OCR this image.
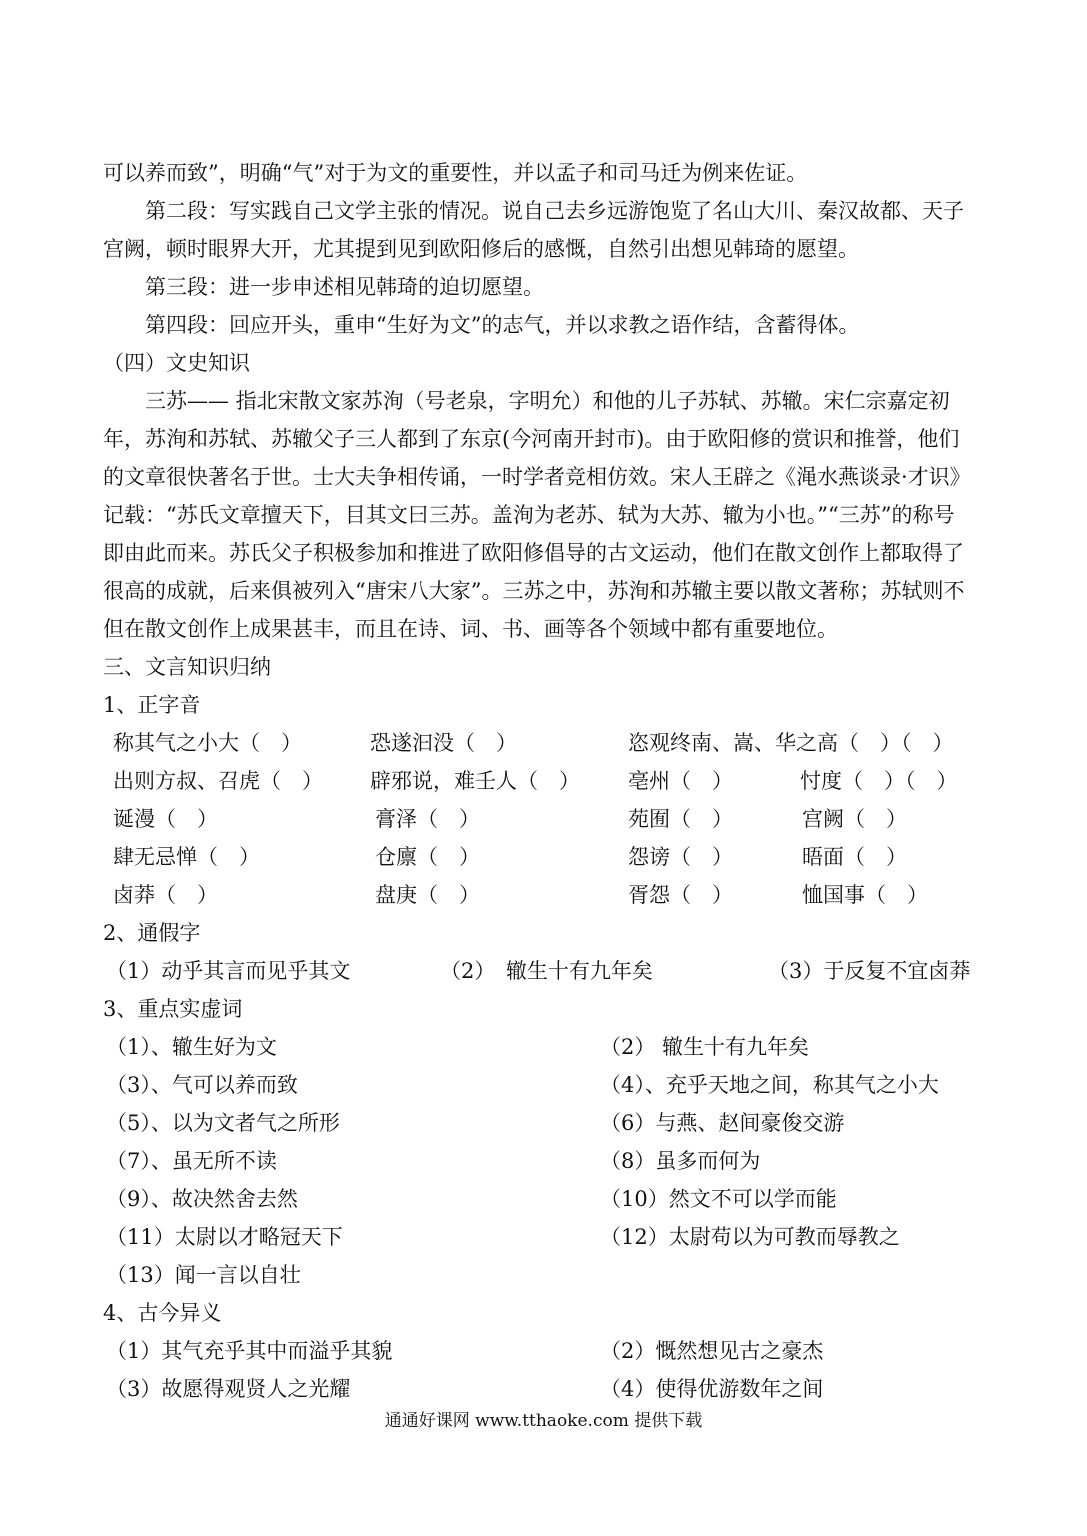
可以养而致”，明确“气”对于为文的重要性，并以孟子和司马迁为例来佐证。

第二段：写实践自己文学主张的情况。说自己去乡远游饱览了名山大川、秦汉故都、天子宫阙，顿时眼界大开，尤其提到见到欧阳修后的感慨，自然引出想见韩琦的愿望。

第三段：进一步申述相见韩琦的迫切愿望。

第四段：回应开头，重申“生好为文”的志气，并以求教之语作结，含蓄得体。

（四）文史知识

三苏—— 指北宋散文家苏洵（号老泉，字明允）和他的儿子苏轼、苏辙。宋仁宗嘉定初年，苏洵和苏轼、苏辙父子三人都到了东京(今河南开封市)。由于欧阳修的赏识和推誉，他们的文章很快著名于世。士大夫争相传诵，一时学者竞相仿效。宋人王辟之《渑水燕谈录·才识》记载：“苏氏文章擅天下，目其文曰三苏。盖洵为老苏、轼为大苏、辙为小也。”“三苏”的称号即由此而来。苏氏父子积极参加和推进了欧阳修倡导的古文运动，他们在散文创作上都取得了很高的成就，后来俱被列入“唐宋八大家”。三苏之中，苏洵和苏辙主要以散文著称；苏轼则不但在散文创作上成果甚丰，而且在诗、词、书、画等各个领域中都有重要地位。

三、文言知识归纳
1、正字音
称其气之小大（　）	恐遂汩没（　）	恣观终南、嵩、华之高（　）（　）
出则方叔、召虎（　） 辟邪说，难壬人（　） 亳州（　）	忖度（　）（　）
诞漫（　）	膏泽（　）	苑囿（　）	宫阙（　）
肆无忌惮（　）	仓廪（　）	怨谤（　）	晤面（　）
卤莽（　）	盘庚（　）	胥怨（　）	恤国事（　）
2、通假字
（1）动乎其言而见乎其文	（2）　辙生十有九年矣	（3）于反复不宜卤莽
3、重点实虚词
（1）、辙生好为文	（2） 辙生十有九年矣
（3）、气可以养而致	（4）、充乎天地之间，称其气之小大
（5）、以为文者气之所形	（6）与燕、赵间豪俊交游
（7）、虽无所不读	（8）虽多而何为
（9）、故决然舍去然	（10）然文不可以学而能
（11）太尉以才略冠天下	（12）太尉苟以为可教而辱教之
（13）闻一言以自壮
4、古今异义
（1）其气充乎其中而溢乎其貌	（2）慨然想见古之豪杰
（3）故愿得观贤人之光耀	（4）使得优游数年之间
通通好课网 www.tthaoke.com 提供下载
